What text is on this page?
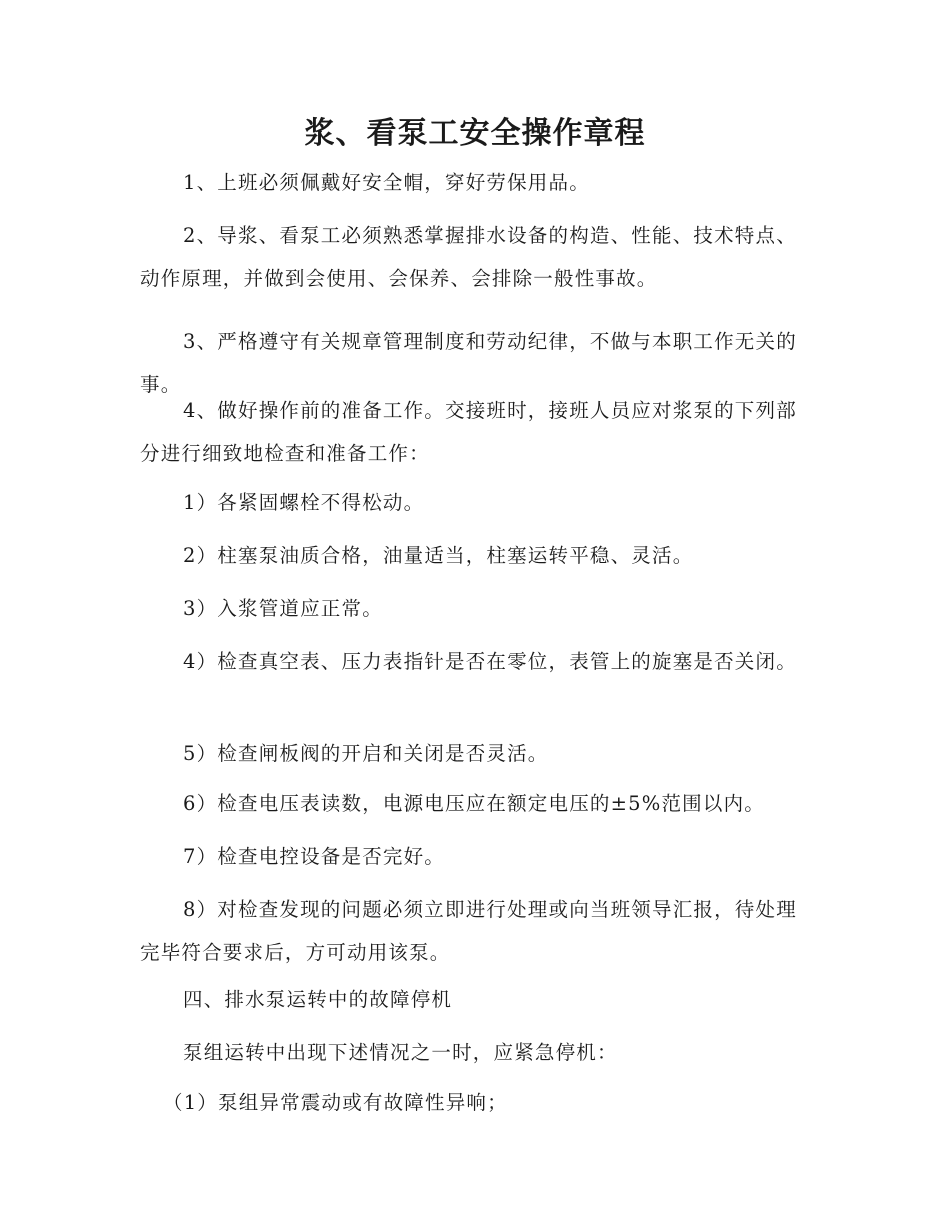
浆、看泵工安全操作章程

1、上班必须佩戴好安全帽，穿好劳保用品。

2、导浆、看泵工必须熟悉掌握排水设备的构造、性能、技术特点、动作原理，并做到会使用、会保养、会排除一般性事故。

3、严格遵守有关规章管理制度和劳动纪律，不做与本职工作无关的事。

4、做好操作前的准备工作。交接班时，接班人员应对浆泵的下列部分进行细致地检查和准备工作：

1）各紧固螺栓不得松动。

2）柱塞泵油质合格，油量适当，柱塞运转平稳、灵活。

3）入浆管道应正常。

4）检查真空表、压力表指针是否在零位，表管上的旋塞是否关闭。

5）检查闸板阀的开启和关闭是否灵活。

6）检查电压表读数，电源电压应在额定电压的±5%范围以内。

7）检查电控设备是否完好。

8）对检查发现的问题必须立即进行处理或向当班领导汇报，待处理完毕符合要求后，方可动用该泵。

四、排水泵运转中的故障停机

泵组运转中出现下述情况之一时，应紧急停机：

（1）泵组异常震动或有故障性异响；
